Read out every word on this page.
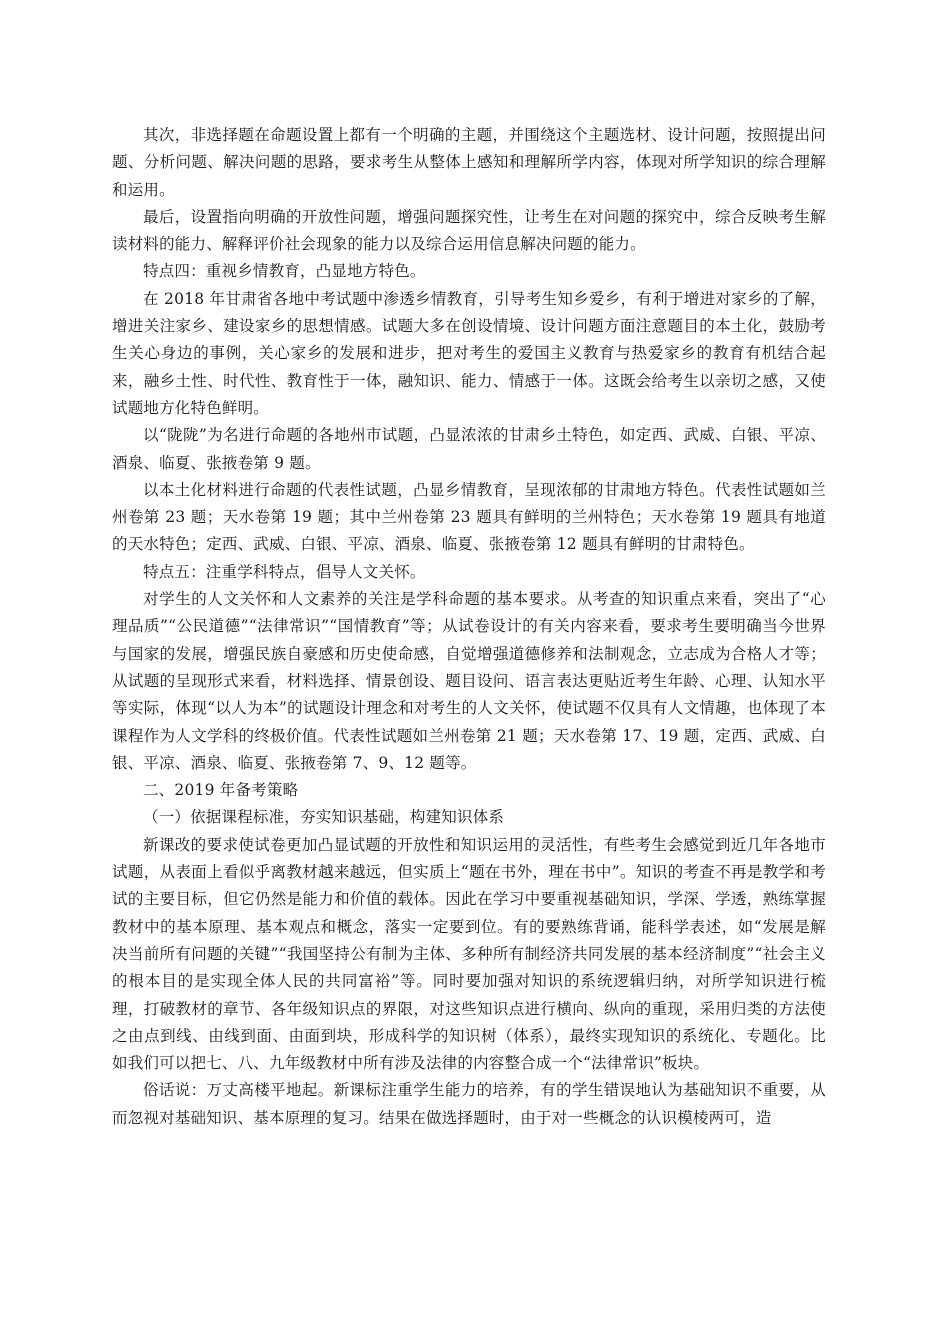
其次，非选择题在命题设置上都有一个明确的主题，并围绕这个主题选材、设计问题，按照提出问题、分析问题、解决问题的思路，要求考生从整体上感知和理解所学内容，体现对所学知识的综合理解和运用。

最后，设置指向明确的开放性问题，增强问题探究性，让考生在对问题的探究中，综合反映考生解读材料的能力、解释评价社会现象的能力以及综合运用信息解决问题的能力。

特点四：重视乡情教育，凸显地方特色。

在 2018 年甘肃省各地中考试题中渗透乡情教育，引导考生知乡爱乡，有利于增进对家乡的了解，增进关注家乡、建设家乡的思想情感。试题大多在创设情境、设计问题方面注意题目的本土化，鼓励考生关心身边的事例，关心家乡的发展和进步，把对考生的爱国主义教育与热爱家乡的教育有机结合起来，融乡土性、时代性、教育性于一体，融知识、能力、情感于一体。这既会给考生以亲切之感，又使试题地方化特色鲜明。

以“陇陇”为名进行命题的各地州市试题，凸显浓浓的甘肃乡土特色，如定西、武威、白银、平凉、酒泉、临夏、张掖卷第 9 题。

以本土化材料进行命题的代表性试题，凸显乡情教育，呈现浓郁的甘肃地方特色。代表性试题如兰州卷第 23 题；天水卷第 19 题；其中兰州卷第 23 题具有鲜明的兰州特色；天水卷第 19 题具有地道的天水特色；定西、武威、白银、平凉、酒泉、临夏、张掖卷第 12 题具有鲜明的甘肃特色。

特点五：注重学科特点，倡导人文关怀。

对学生的人文关怀和人文素养的关注是学科命题的基本要求。从考查的知识重点来看，突出了“心理品质”“公民道德”“法律常识”“国情教育”等；从试卷设计的有关内容来看，要求考生要明确当今世界与国家的发展，增强民族自豪感和历史使命感，自觉增强道德修养和法制观念，立志成为合格人才等；从试题的呈现形式来看，材料选择、情景创设、题目设问、语言表达更贴近考生年龄、心理、认知水平等实际，体现“以人为本”的试题设计理念和对考生的人文关怀，使试题不仅具有人文情趣，也体现了本课程作为人文学科的终极价值。代表性试题如兰州卷第 21 题；天水卷第 17、19 题，定西、武威、白银、平凉、酒泉、临夏、张掖卷第 7、9、12 题等。

二、2019 年备考策略

（一）依据课程标准，夯实知识基础，构建知识体系

新课改的要求使试卷更加凸显试题的开放性和知识运用的灵活性，有些考生会感觉到近几年各地市试题，从表面上看似乎离教材越来越远，但实质上“题在书外，理在书中”。知识的考查不再是教学和考试的主要目标，但它仍然是能力和价值的载体。因此在学习中要重视基础知识，学深、学透，熟练掌握教材中的基本原理、基本观点和概念，落实一定要到位。有的要熟练背诵，能科学表述，如“发展是解决当前所有问题的关键”“我国坚持公有制为主体、多种所有制经济共同发展的基本经济制度”“社会主义的根本目的是实现全体人民的共同富裕”等。同时要加强对知识的系统逻辑归纳，对所学知识进行梳理，打破教材的章节、各年级知识点的界限，对这些知识点进行横向、纵向的重现，采用归类的方法使之由点到线、由线到面、由面到块，形成科学的知识树（体系），最终实现知识的系统化、专题化。比如我们可以把七、八、九年级教材中所有涉及法律的内容整合成一个“法律常识”板块。

俗话说：万丈高楼平地起。新课标注重学生能力的培养，有的学生错误地认为基础知识不重要，从而忽视对基础知识、基本原理的复习。结果在做选择题时，由于对一些概念的认识模棱两可，造
